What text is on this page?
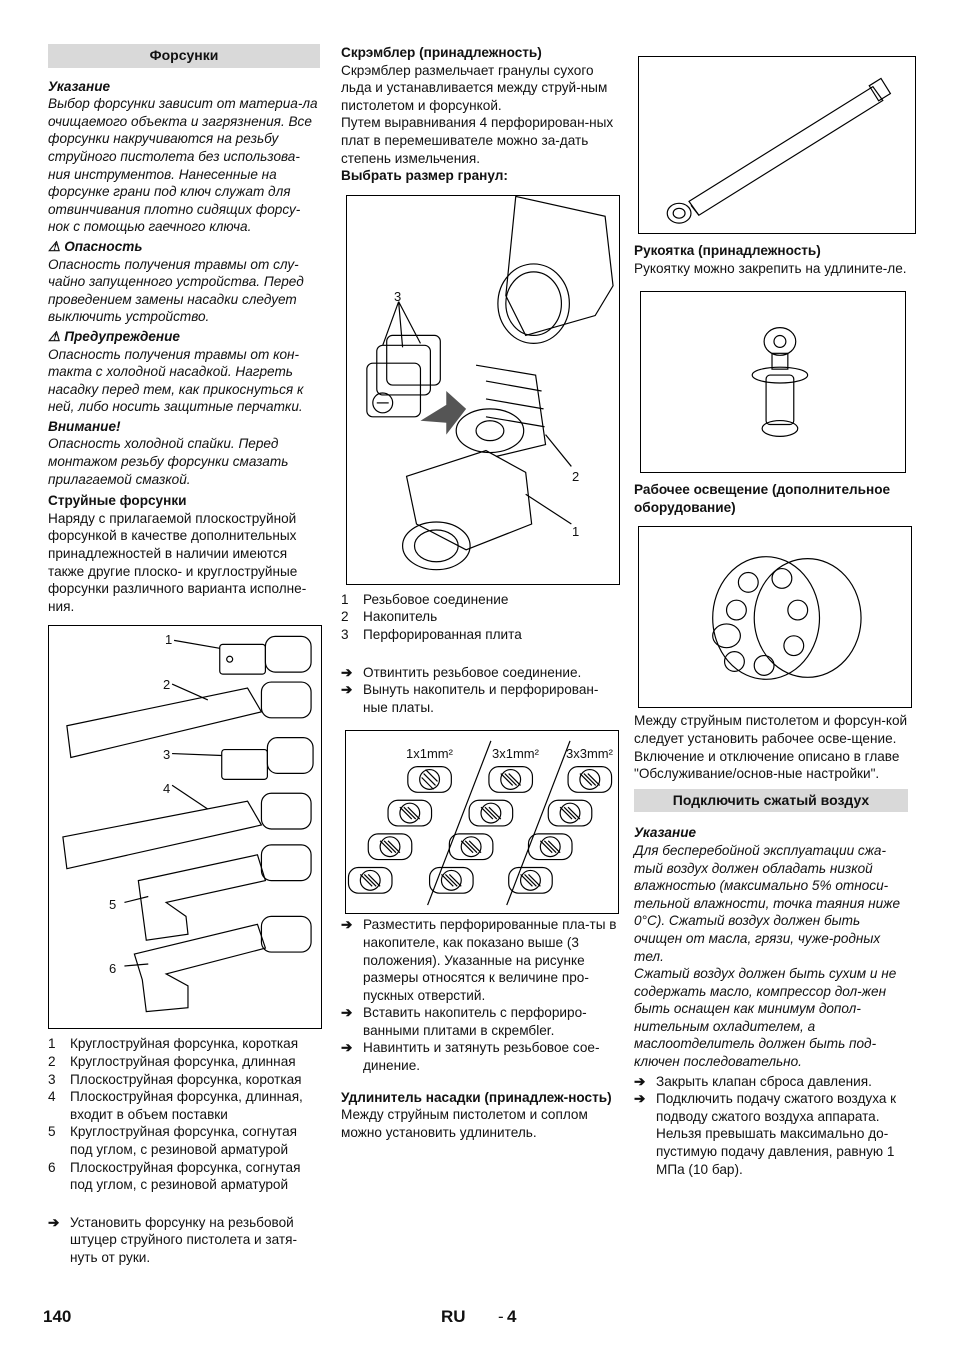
Форсунки

Указание

Выбор форсунки зависит от материа-ла очищаемого объекта и загрязнения. Все форсунки накручиваются на резьбу струйного пистолета без использова-ния инструментов. Нанесенные на форсунке грани под ключ служат для отвинчивания плотно сидящих форсу-нок с помощью гаечного ключа.

⚠ Опасность

Опасность получения травмы от слу-чайно запущенного устройства. Перед проведением замены насадки следует выключить устройство.

⚠ Предупреждение

Опасность получения травмы от кон-такта с холодной насадкой. Нагреть насадку перед тем, как прикоснуться к ней, либо носить защитные перчатки.

Внимание!

Опасность холодной спайки. Перед монтажом резьбу форсунки смазать прилагаемой смазкой.

Струйные форсунки

Наряду с прилагаемой плоскоструйной форсункой в качестве дополнительных принадлежностей в наличии имеются также другие плоско- и круглоструйные форсунки различного варианта исполне-ния.

1
2
3
4
5
6
1	Круглоструйная форсунка, короткая
2	Круглоструйная форсунка, длинная
3	Плоскоструйная форсунка, короткая
4	Плоскоструйная форсунка, длинная, входит в объем поставки
5	Круглоструйная форсунка, согнутая под углом, с резиновой арматурой
6	Плоскоструйная форсунка, согнутая под углом, с резиновой арматурой
➔ Установить форсунку на резьбовой штуцер струйного пистолета и затя-нуть от руки.

Скрэмблер (принадлежность)

Скрэмблер размельчает гранулы сухого льда и устанавливается между струй-ным пистолетом и форсункой.

Путем выравнивания 4 перфорирован-ных плат в перемешивателе можно за-дать степень измельчения.

Выбрать размер гранул:

3
2
1
1	Резьбовое соединение
2	Накопитель
3	Перфорированная плита
➔ Отвинтить резьбовое соединение.
➔ Вынуть накопитель и перфорирован-ные платы.
1x1mm²	3x1mm² 3x3mm²
➔ Разместить перфорированные пла-ты в накопителе, как показано выше (3 положения). Указанные на рисунке размеры относятся к величине про-пускных отверстий.
➔ Вставить накопитель с перфориро-ванными плитами в скрембler.
➔ Навинтить и затянуть резьбовое сое-динение.

Удлинитель насадки (принадлеж-ность)

Между струйным пистолетом и соплом можно установить удлинитель.

Рукоятка (принадлежность)

Рукоятку можно закрепить на удлините-ле.

Рабочее освещение (дополнительное оборудование)

Между струйным пистолетом и форсун-кой следует установить рабочее осве-щение. Включение и отключение описано в главе "Обслуживание/основ-ные настройки".

Подключить сжатый воздух

Указание

Для бесперебойной эксплуатации сжа-тый воздух должен обладать низкой влажностью (максимально 5% относи-тельной влажности, точка таяния ниже 0°C). Сжатый воздух должен быть очищен от масла, грязи, чуже-родных тел.

Сжатый воздух должен быть сухим и не содержать масло, компрессор дол-жен быть оснащен как минимум допол-нительным охладителем, а маслоотделитель должен быть под-ключен последовательно.

➔ Закрыть клапан сброса давления.
➔ Подключить подачу сжатого воздуха к подводу сжатого воздуха аппарата.

Нельзя превышать максимально до-пустимую подачу давления, равную 1 МПа (10 бар).

140	RU - 4
